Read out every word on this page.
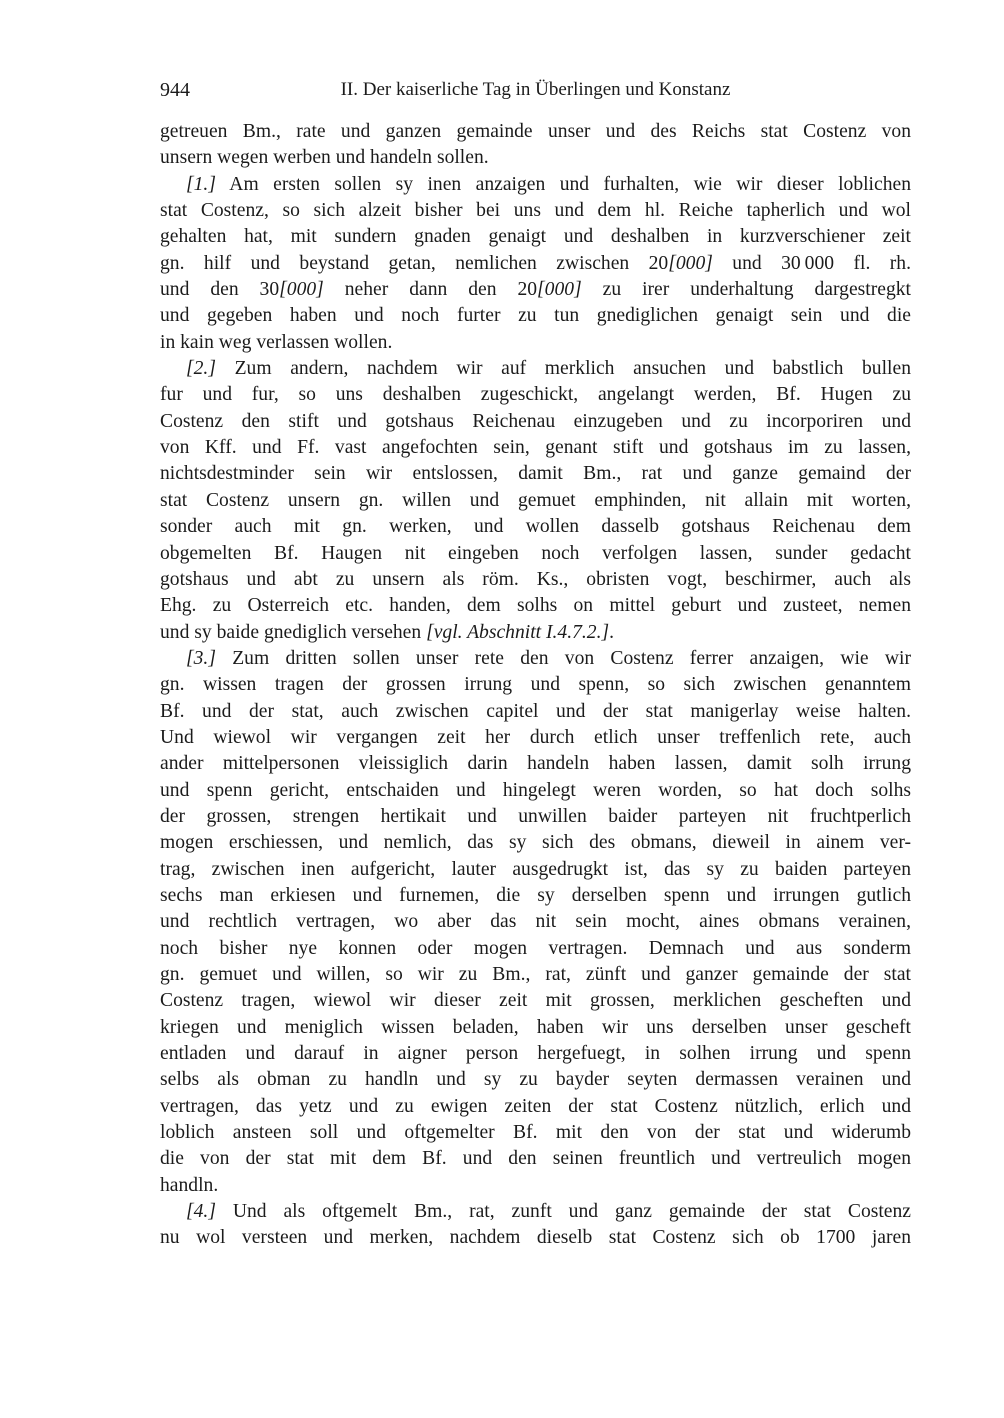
944	II. Der kaiserliche Tag in Überlingen und Konstanz
getreuen Bm., rate und ganzen gemainde unser und des Reichs stat Costenz von
unsern wegen werben und handeln sollen.
[1.] Am ersten sollen sy inen anzaigen und furhalten, wie wir dieser loblichen
stat Costenz, so sich alzeit bisher bei uns und dem hl. Reiche tapherlich und wol
gehalten hat, mit sundern gnaden genaigt und deshalben in kurzverschiener zeit
gn. hilf und beystand getan, nemlichen zwischen 20[000] und 30 000 fl. rh.
und den 30[000] neher dann den 20[000] zu irer underhaltung dargestregkt
und gegeben haben und noch furter zu tun gnediglichen genaigt sein und die
in kain weg verlassen wollen.
[2.] Zum andern, nachdem wir auf merklich ansuchen und babstlich bullen
fur und fur, so uns deshalben zugeschickt, angelangt werden, Bf. Hugen zu
Costenz den stift und gotshaus Reichenau einzugeben und zu incorporiren und
von Kff. und Ff. vast angefochten sein, genant stift und gotshaus im zu lassen,
nichtsdestminder sein wir entslossen, damit Bm., rat und ganze gemaind der
stat Costenz unsern gn. willen und gemuet emphinden, nit allain mit worten,
sonder auch mit gn. werken, und wollen dasselb gotshaus Reichenau dem
obgemelten Bf. Haugen nit eingeben noch verfolgen lassen, sunder gedacht
gotshaus und abt zu unsern als röm. Ks., obristen vogt, beschirmer, auch als
Ehg. zu Osterreich etc. handen, dem solhs on mittel geburt und zusteet, nemen
und sy baide gnediglich versehen [vgl. Abschnitt I.4.7.2.].
[3.] Zum dritten sollen unser rete den von Costenz ferrer anzaigen, wie wir
gn. wissen tragen der grossen irrung und spenn, so sich zwischen genanntem
Bf. und der stat, auch zwischen capitel und der stat manigerlay weise halten.
Und wiewol wir vergangen zeit her durch etlich unser treffenlich rete, auch
ander mittelpersonen vleissiglich darin handeln haben lassen, damit solh irrung
und spenn gericht, entschaiden und hingelegt weren worden, so hat doch solhs
der grossen, strengen hertikait und unwillen baider parteyen nit fruchtperlich
mogen erschiessen, und nemlich, das sy sich des obmans, dieweil in ainem ver-
trag, zwischen inen aufgericht, lauter ausgedrugkt ist, das sy zu baiden parteyen
sechs man erkiesen und furnemen, die sy derselben spenn und irrungen gutlich
und rechtlich vertragen, wo aber das nit sein mocht, aines obmans verainen,
noch bisher nye konnen oder mogen vertragen. Demnach und aus sonderm
gn. gemuet und willen, so wir zu Bm., rat, zünft und ganzer gemainde der stat
Costenz tragen, wiewol wir dieser zeit mit grossen, merklichen gescheften und
kriegen und meniglich wissen beladen, haben wir uns derselben unser gescheft
entladen und darauf in aigner person hergefuegt, in solhen irrung und spenn
selbs als obman zu handln und sy zu bayder seyten dermassen verainen und
vertragen, das yetz und zu ewigen zeiten der stat Costenz nützlich, erlich und
loblich ansteen soll und oftgemelter Bf. mit den von der stat und widerumb
die von der stat mit dem Bf. und den seinen freuntlich und vertreulich mogen
handln.
[4.] Und als oftgemelt Bm., rat, zunft und ganz gemainde der stat Costenz
nu wol versteen und merken, nachdem dieselb stat Costenz sich ob 1700 jaren
